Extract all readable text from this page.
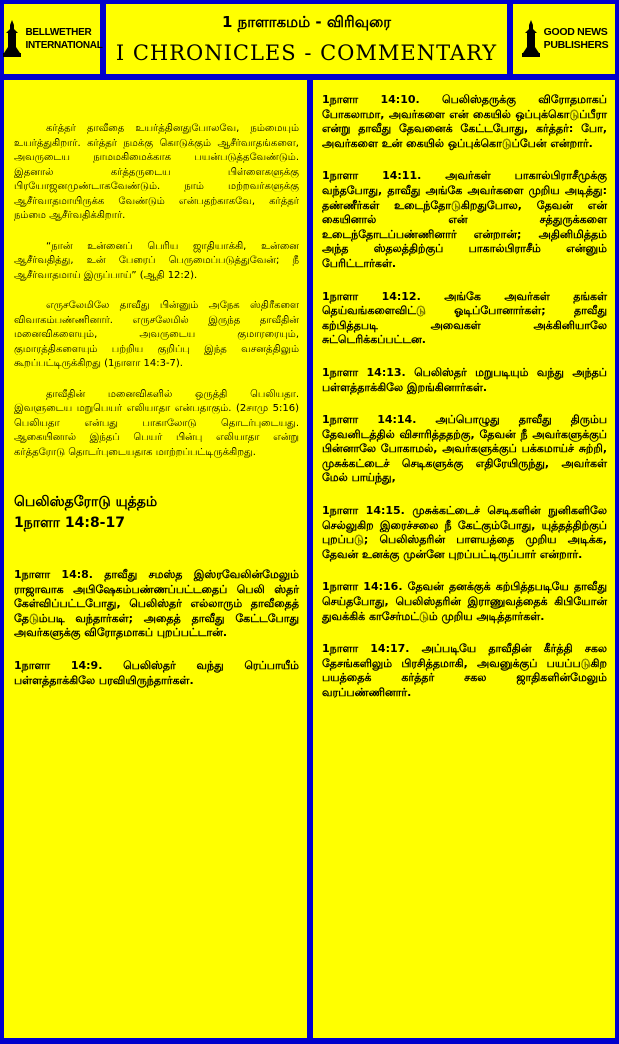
BELLWETHER
INTERNATIONAL
1 நாளாகமம் - விரிவுரை
I CHRONICLES - COMMENTARY
GOOD NEWS
PUBLISHERS

கர்த்தர் தாவீதை உயர்த்தினதுபோலவே, நம்மையும் உயர்த்துகிறார். கர்த்தர் நமக்கு கொடுக்கும் ஆசீர்வாதங்களை, அவருடைய நாமமகிமைக்காக பயன்படுத்தவேண்டும். இதனால் கர்த்தருடைய பிள்ளைகளுக்கு பிரயோஜனமுண்டாகவேண்டும். நாம் மற்றவர்களுக்கு ஆசீர்வாதமாயிருக்க வேண்டும் என்பதற்காகவே, கர்த்தர் நம்மை ஆசீர்வதிக்கிறார்.

“நான் உன்னைப் பெரிய ஜாதியாக்கி, உன்னை ஆசீர்வதித்து, உன் பேரைப் பெருமைப்படுத்துவேன்; நீ ஆசீர்வாதமாய் இருப்பாய்” (ஆதி 12:2).

எருசலேமிலே தாவீது பின்னும் அநேக ஸ்திரீகளை விவாகம்பண்ணினார். எருசலேமில் இருந்த தாவீதின் மனைவிகளையும், அவருடைய குமாரரையும், குமாரத்திகளையும் பற்றிய குறிப்பு இந்த வசனத்திலும் கூறப்பட்டிருக்கிறது (1நாளா 14:3-7).

தாவீதின் மனைவிகளில் ஒருத்தி பெலியதா. இவளுடைய மறுபெயர் எலியாதா என்பதாகும். (2சாமு 5:16) பெலியதா என்பது பாகாலோடு தொடர்புடையது. ஆகையினால் இந்தப் பெயர் பின்பு எலியாதா என்று கர்த்தரோடு தொடர்புடையதாக மாற்றப்பட்டிருக்கிறது.

பெலிஸ்தரோடு யுத்தம்
1நாளா 14:8-17

1நாளா 14:8. தாவீது சமஸ்த இஸ்ரவேலின்மேலும் ராஜாவாக அபிஷேகம்பண்ணப்பட்டதைப் பெலி ஸ்தர் கேள்விப்பட்டபோது, பெலிஸ்தர் எல்லாரும் தாவீதைத் தேடும்படி வந்தார்கள்; அதைத் தாவீது கேட்டபோது அவர்களுக்கு விரோதமாகப் புறப்பட்டான்.

1நாளா 14:9. பெலிஸ்தர் வந்து ரெப்பாயீம் பள்ளத்தாக்கிலே பரவியிருந்தார்கள்.

1நாளா 14:10. பெலிஸ்தருக்கு விரோதமாகப் போகலாமா, அவர்களை என் கையில் ஒப்புக்கொடுப்பீரா என்று தாவீது தேவனைக் கேட்டபோது, கர்த்தர்: போ, அவர்களை உன் கையில் ஒப்புக்கொடுப்பேன் என்றார்.

1நாளா 14:11. அவர்கள் பாகால்பிராசீமுக்கு வந்தபோது, தாவீது அங்கே அவர்களை முறிய அடித்து: தண்ணீர்கள் உடைந்தோடுகிறதுபோல, தேவன் என் கையினால் என் சத்துருக்களை உடைந்தோடப்பண்ணினார் என்றான்; அதினிமித்தம் அந்த ஸ்தலத்திற்குப் பாகால்பிராசீம் என்னும் பேரிட்டார்கள்.

1நாளா 14:12. அங்கே அவர்கள் தங்கள் தெய்வங்களைவிட்டு ஓடிப்போனார்கள்; தாவீது கற்பித்தபடி அவைகள் அக்கினியாலே சுட்டெரிக்கப்பட்டன.

1நாளா 14:13. பெலிஸ்தர் மறுபடியும் வந்து அந்தப் பள்ளத்தாக்கிலே இறங்கினார்கள்.

1நாளா 14:14. அப்பொழுது தாவீது திரும்ப தேவனிடத்தில் விசாரித்ததற்கு, தேவன் நீ அவர்களுக்குப் பின்னாலே போகாமல், அவர்களுக்குப் பக்கமாய்ச் சுற்றி, முசுக்கட்டைச் செடிகளுக்கு எதிரேயிருந்து, அவர்கள் மேல் பாய்ந்து,

1நாளா 14:15. முசுக்கட்டைச் செடிகளின் நுனிகளிலே செல்லுகிற இரைச்சலை நீ கேட்கும்போது, யுத்தத்திற்குப் புறப்படு; பெலிஸ்தரின் பாளயத்தை முறிய அடிக்க, தேவன் உனக்கு முன்னே புறப்பட்டிருப்பார் என்றார்.

1நாளா 14:16. தேவன் தனக்குக் கற்பித்தபடியே தாவீது செய்தபோது, பெலிஸ்தரின் இராணுவத்தைக் கிபியோன் துவக்கிக் காசேர்மட்டும் முறிய அடித்தார்கள்.

1நாளா 14:17. அப்படியே தாவீதின் கீர்த்தி சகல தேசங்களிலும் பிரசித்தமாகி, அவனுக்குப் பயப்படுகிற பயத்தைக் கர்த்தர் சகல ஜாதிகளின்மேலும் வரப்பண்ணினார்.
